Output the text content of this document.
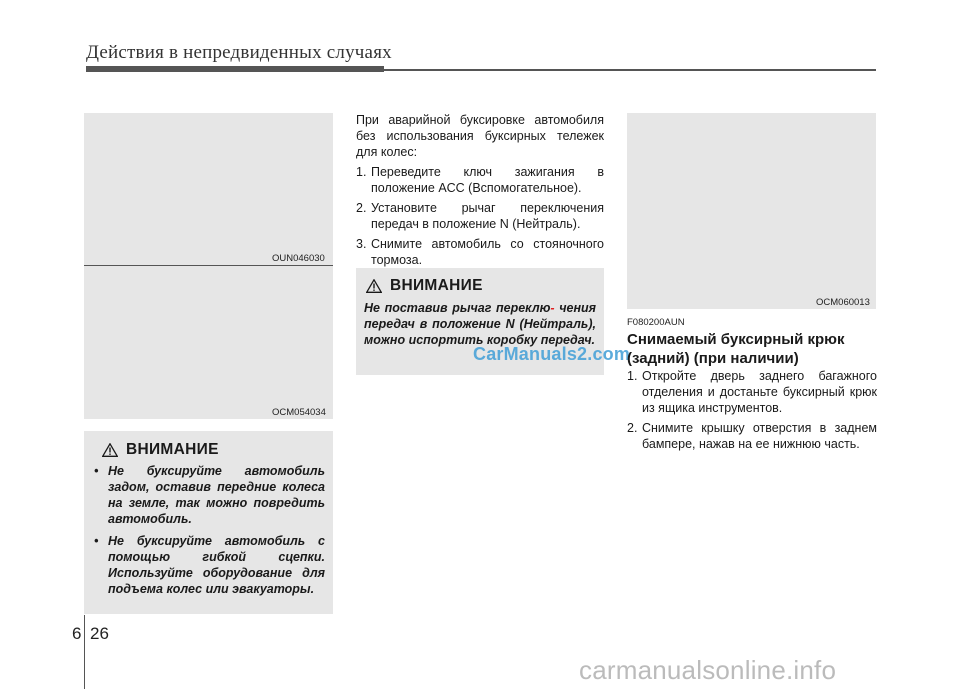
Действия в непредвиденных случаях
OUN046030
OCM054034
ВНИМАНИЕ
• Не буксируйте автомобиль задом, оставив передние колеса на земле, так можно повредить автомобиль.
• Не буксируйте автомобиль с помощью гибкой сцепки. Используйте оборудование для подъема колес или эвакуаторы.
При аварийной буксировке автомобиля без использования буксирных тележек для колес:
1. Переведите ключ зажигания в положение ACC (Вспомогательное).
2. Установите рычаг переключения передач в положение N (Нейтраль).
3. Снимите автомобиль со стояночного тормоза.
ВНИМАНИЕ
Не поставив рычаг переклю- чения передач в положение N (Нейтраль), можно испортить коробку передач.
CarManuals2.com
OCM060013
F080200AUN
Снимаемый буксирный крюк (задний) (при наличии)
1. Откройте дверь заднего багажного отделения и достаньте буксирный крюк из ящика инструментов.
2. Снимите крышку отверстия в заднем бампере, нажав на ее нижнюю часть.
6 26
carmanualsonline.info
